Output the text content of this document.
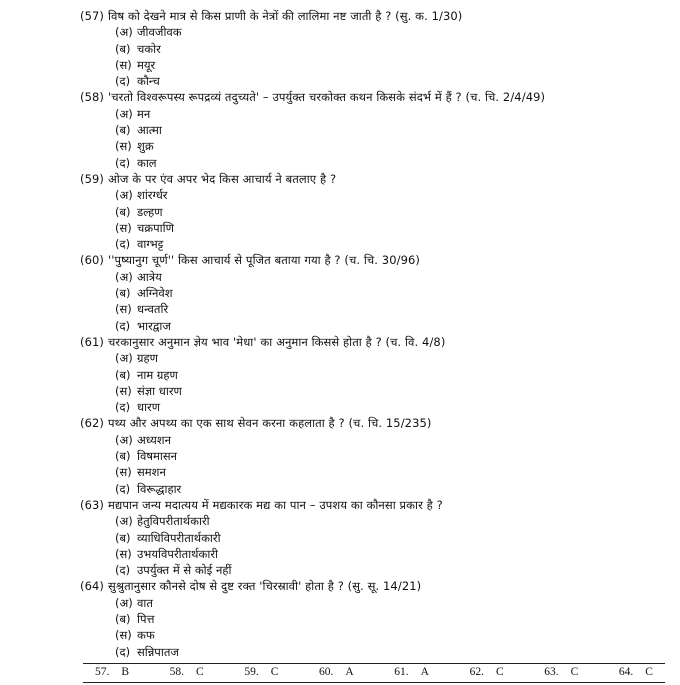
(57) विष को देखने मात्र से किस प्राणी के नेत्रों की लालिमा नष्ट जाती है ? (सु. क. 1/30)
(अ) जीवजीवक
(ब) चकोर
(स) मयूर
(द) कौन्च
(58) 'चरतो विश्वरूपस्य रूपद्रव्यं तदुच्यते' – उपर्युक्त चरकोक्त कथन किसके संदर्भ में हैं ? (च. चि. 2/4/49)
(अ) मन
(ब) आत्मा
(स) शुक्र
(द) काल
(59) ओज के पर एंव अपर भेद किस आचार्य ने बतलाए है ?
(अ) शांरर्ग्धर
(ब) डल्हण
(स) चक्रपाणि
(द) वाग्भट्ट
(60) ''पुष्यानुग चूर्ण'' किस आचार्य से पूजित बताया गया है ? (च. चि. 30/96)
(अ) आत्रेय
(ब) अग्निवेश
(स) धन्वतरि
(द) भारद्वाज
(61) चरकानुसार अनुमान ज्ञेय भाव 'मेधा' का अनुमान किससे होता है ? (च. वि. 4/8)
(अ) ग्रहण
(ब) नाम ग्रहण
(स) संज्ञा धारण
(द) धारण
(62) पथ्य और अपथ्य का एक साथ सेवन करना कहलाता है ? (च. चि. 15/235)
(अ) अध्यशन
(ब) विषमासन
(स) समशन
(द) विरूद्धाहार
(63) मद्यपान जन्य मदात्यय में मद्यकारक मद्य का पान – उपशय का कौनसा प्रकार है ?
(अ) हेतुविपरीतार्थकारी
(ब) व्याधिविपरीतार्थकारी
(स) उभयविपरीतार्थकारी
(द) उपर्युक्त में से कोई नहीं
(64) सुश्रुतानुसार कौनसे दोष से दुष्ट रक्त 'चिरस्रावी' होता है ? (सु. सू. 14/21)
(अ) वात
(ब) पित्त
(स) कफ
(द) सन्निपातज
57. B	58. C	59. C	60. A	61. A	62. C	63. C	64. C
